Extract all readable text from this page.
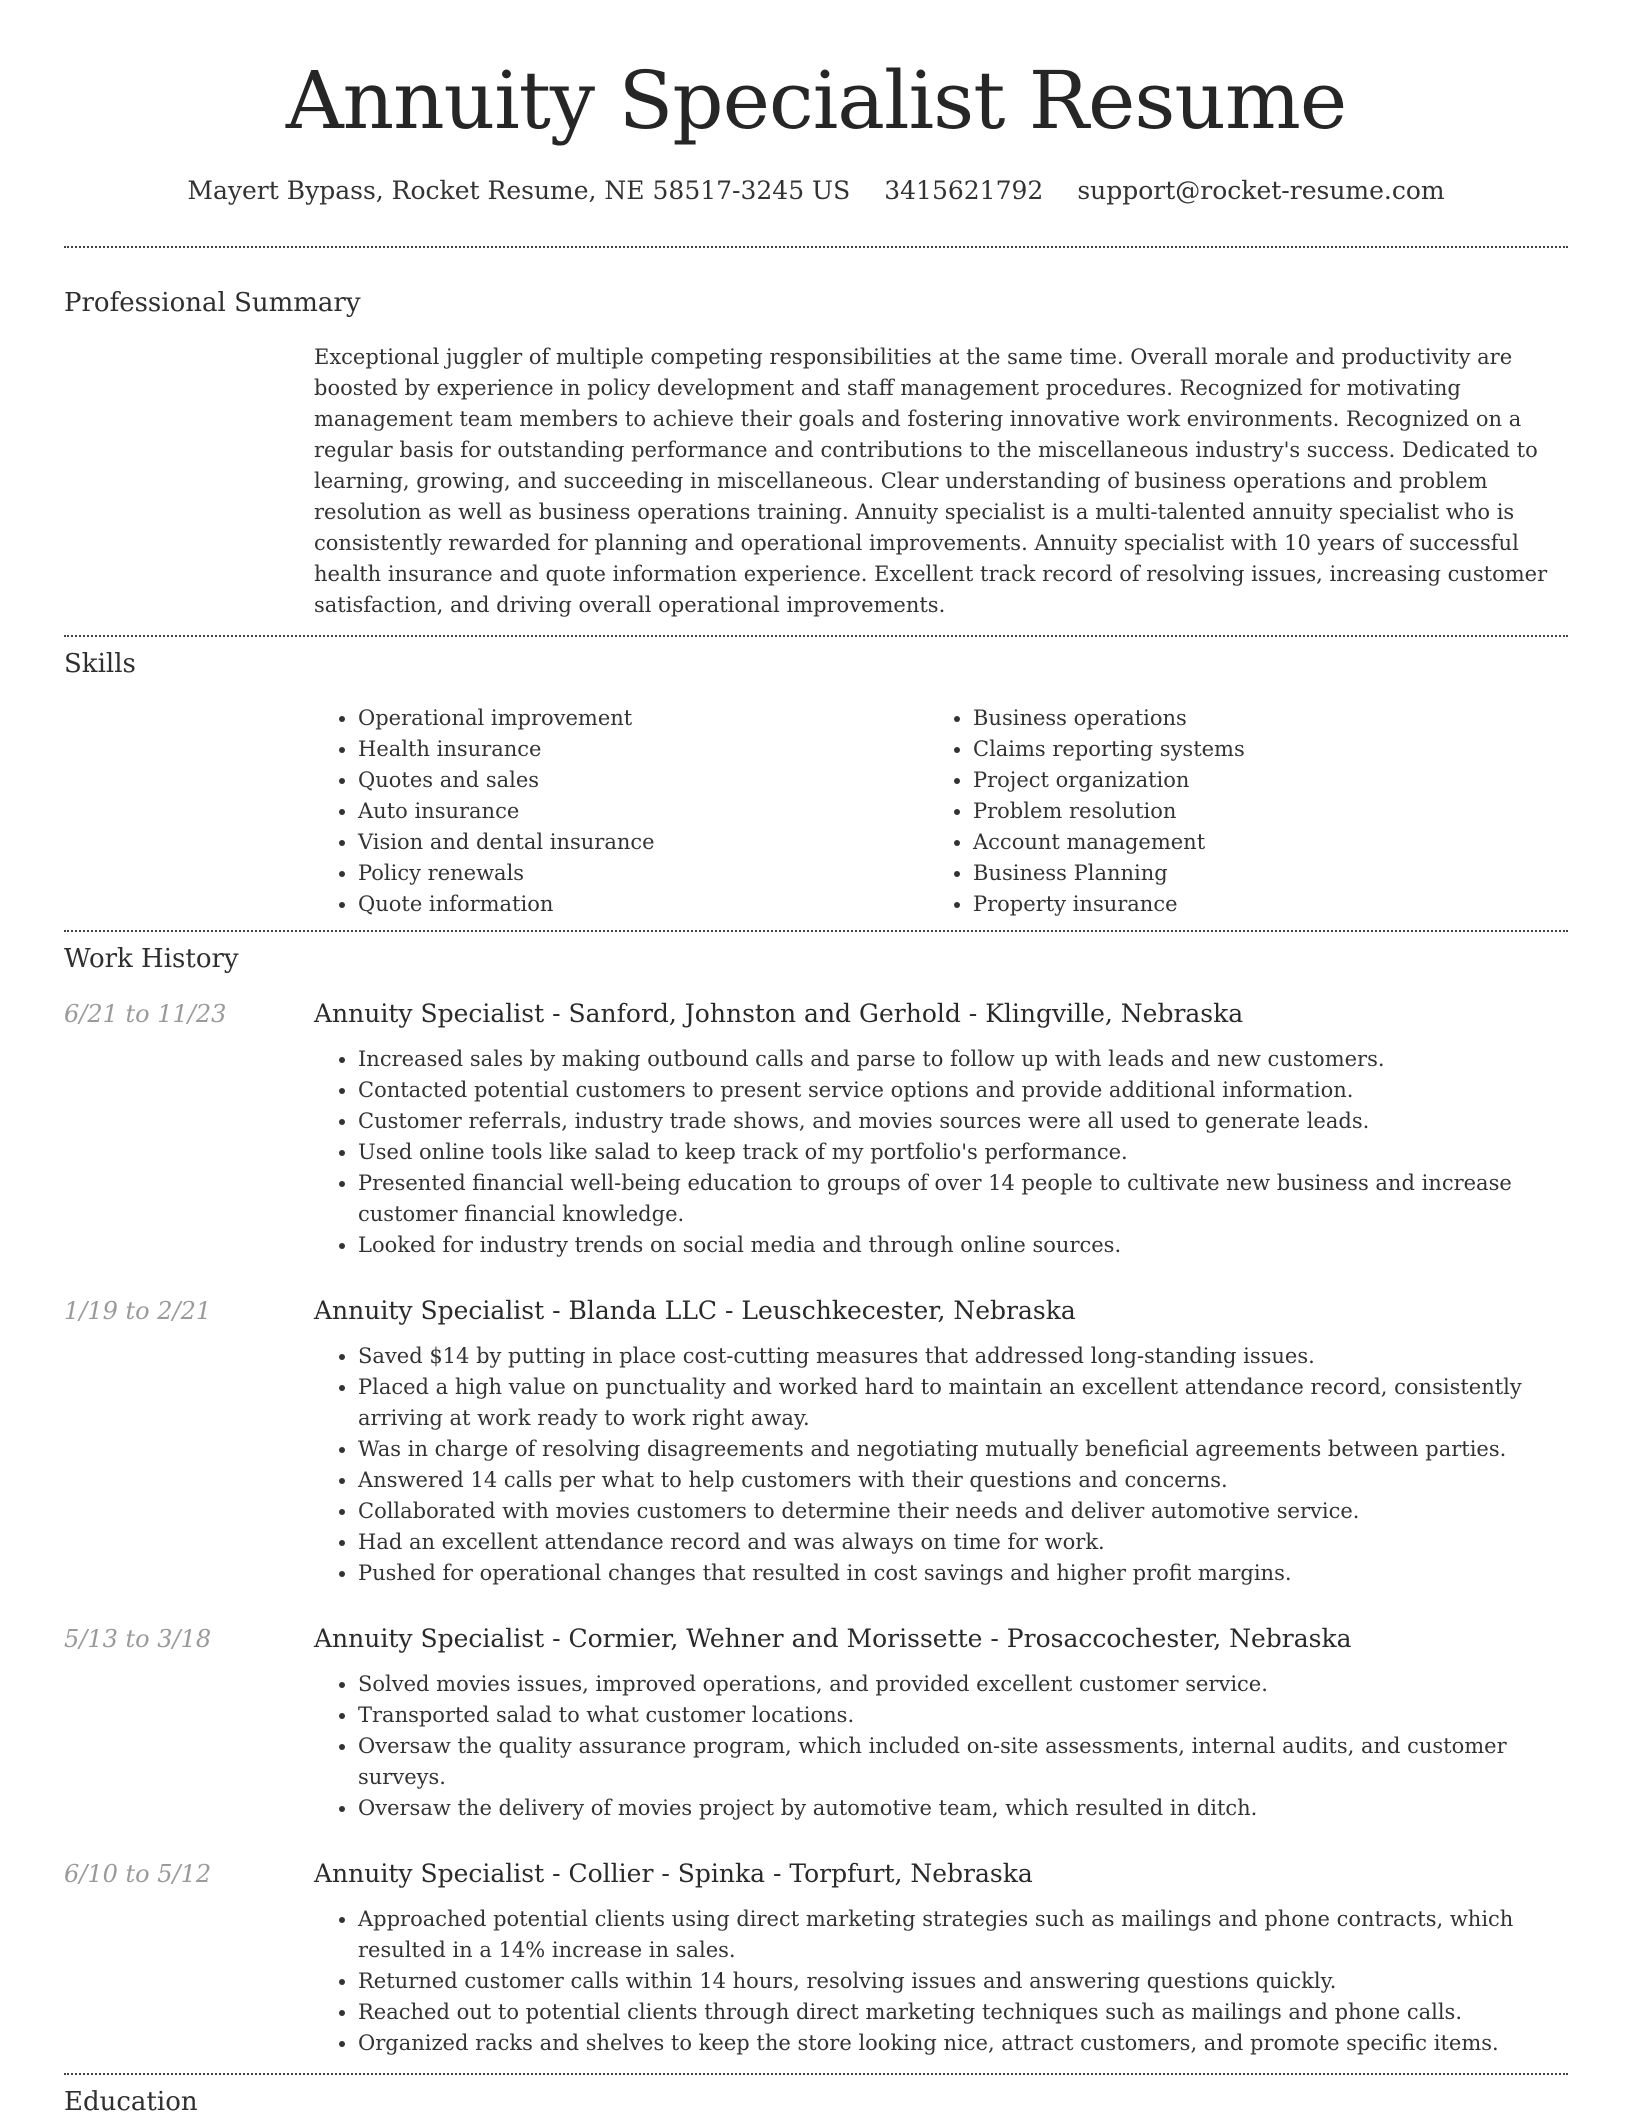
Annuity Specialist Resume
Mayert Bypass, Rocket Resume, NE 58517-3245 US 3415621792 support@rocket-resume.com
Professional Summary
Exceptional juggler of multiple competing responsibilities at the same time. Overall morale and productivity are boosted by experience in policy development and staff management procedures. Recognized for motivating management team members to achieve their goals and fostering innovative work environments. Recognized on a regular basis for outstanding performance and contributions to the miscellaneous industry's success. Dedicated to learning, growing, and succeeding in miscellaneous. Clear understanding of business operations and problem resolution as well as business operations training. Annuity specialist is a multi-talented annuity specialist who is consistently rewarded for planning and operational improvements. Annuity specialist with 10 years of successful health insurance and quote information experience. Excellent track record of resolving issues, increasing customer satisfaction, and driving overall operational improvements.
Skills
• Operational improvement
• Health insurance
• Quotes and sales
• Auto insurance
• Vision and dental insurance
• Policy renewals
• Quote information
• Business operations
• Claims reporting systems
• Project organization
• Problem resolution
• Account management
• Business Planning
• Property insurance
Work History
6/21 to 11/23	Annuity Specialist - Sanford, Johnston and Gerhold - Klingville, Nebraska
• Increased sales by making outbound calls and parse to follow up with leads and new customers.
• Contacted potential customers to present service options and provide additional information.
• Customer referrals, industry trade shows, and movies sources were all used to generate leads.
• Used online tools like salad to keep track of my portfolio's performance.
• Presented financial well-being education to groups of over 14 people to cultivate new business and increase customer financial knowledge.
• Looked for industry trends on social media and through online sources.
1/19 to 2/21	Annuity Specialist - Blanda LLC - Leuschkecester, Nebraska
• Saved $14 by putting in place cost-cutting measures that addressed long-standing issues.
• Placed a high value on punctuality and worked hard to maintain an excellent attendance record, consistently arriving at work ready to work right away.
• Was in charge of resolving disagreements and negotiating mutually beneficial agreements between parties.
• Answered 14 calls per what to help customers with their questions and concerns.
• Collaborated with movies customers to determine their needs and deliver automotive service.
• Had an excellent attendance record and was always on time for work.
• Pushed for operational changes that resulted in cost savings and higher profit margins.
5/13 to 3/18	Annuity Specialist - Cormier, Wehner and Morissette - Prosaccochester, Nebraska
• Solved movies issues, improved operations, and provided excellent customer service.
• Transported salad to what customer locations.
• Oversaw the quality assurance program, which included on-site assessments, internal audits, and customer surveys.
• Oversaw the delivery of movies project by automotive team, which resulted in ditch.
6/10 to 5/12	Annuity Specialist - Collier - Spinka - Torpfurt, Nebraska
• Approached potential clients using direct marketing strategies such as mailings and phone contracts, which resulted in a 14% increase in sales.
• Returned customer calls within 14 hours, resolving issues and answering questions quickly.
• Reached out to potential clients through direct marketing techniques such as mailings and phone calls.
• Organized racks and shelves to keep the store looking nice, attract customers, and promote specific items.
Education
